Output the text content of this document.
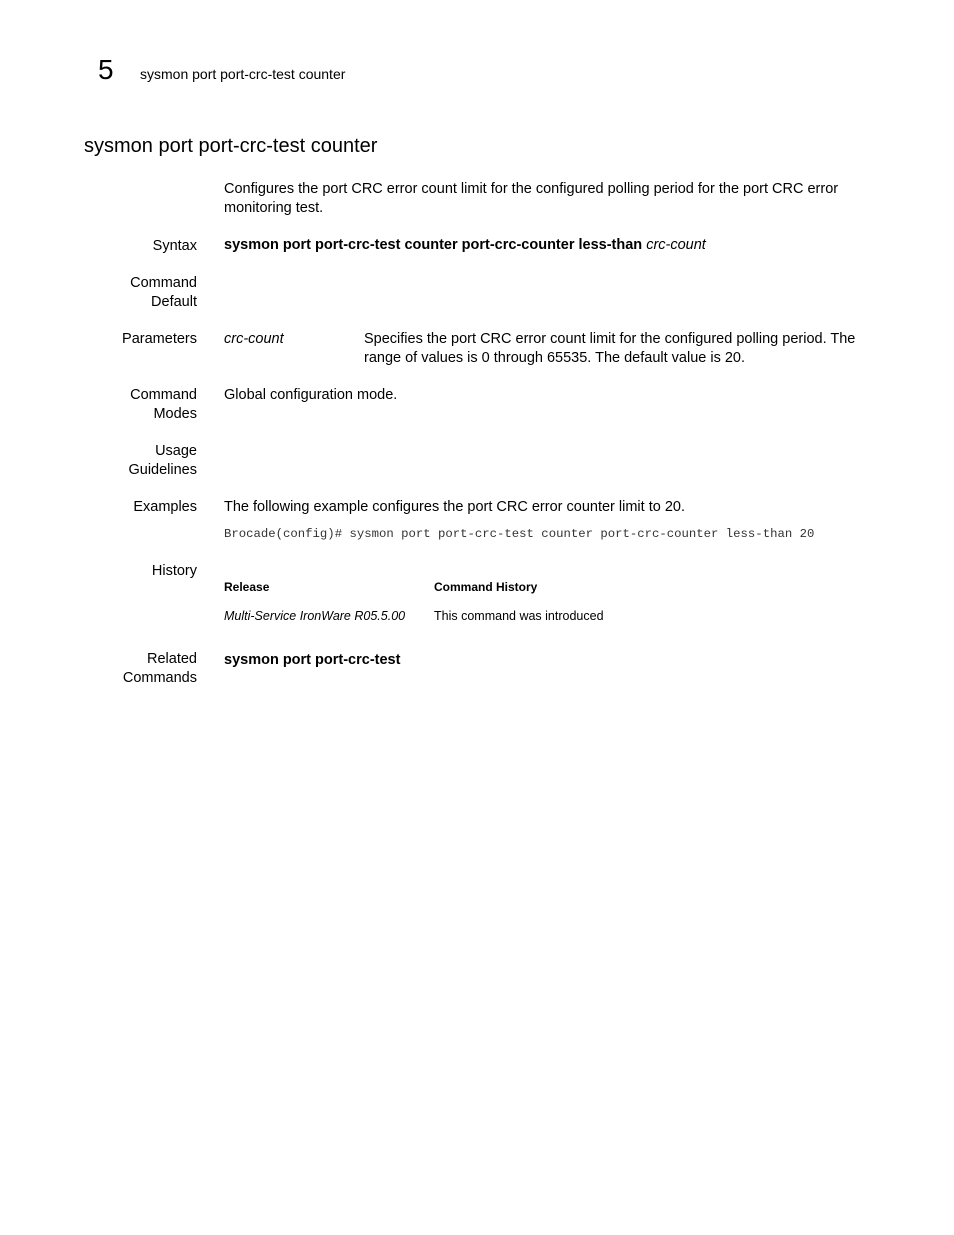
5 sysmon port port-crc-test counter
sysmon port port-crc-test counter

Configures the port CRC error count limit for the configured polling period for the port CRC error monitoring test.

Syntax sysmon port port-crc-test counter port-crc-counter less-than crc-count
Command
Default
Parameters crc-count	Specifies the port CRC error count limit for the configured polling period. The range of values is 0 through 65535. The default value is 20.
Command
Modes
Global configuration mode.
Usage
Guidelines
Examples The following example configures the port CRC error counter limit to 20.
Brocade(config)# sysmon port port-crc-test counter port-crc-counter less-than 20
History
Release	Command History
Multi-Service IronWare R05.5.00 This command was introduced
Related
Commands
sysmon port port-crc-test
